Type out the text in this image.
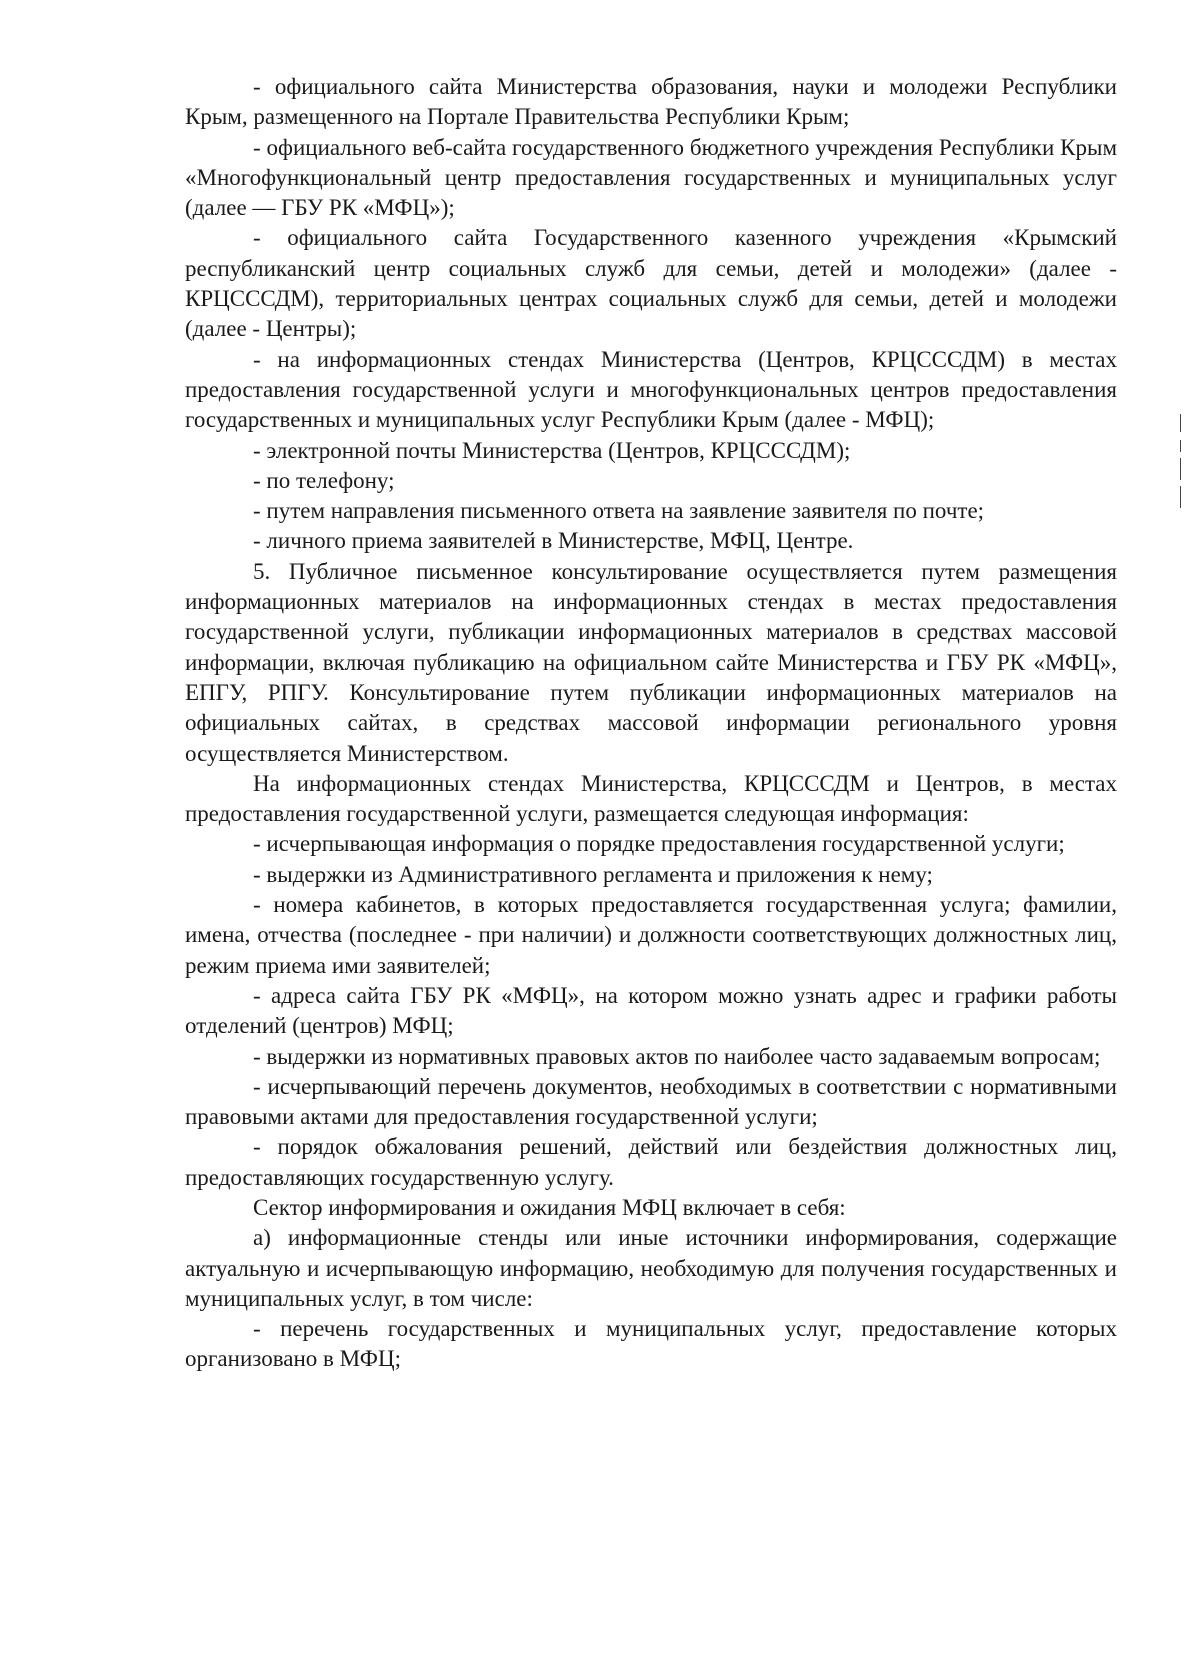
- официального сайта Министерства образования, науки и молодежи Республики Крым, размещенного на Портале Правительства Республики Крым;

- официального веб-сайта государственного бюджетного учреждения Республики Крым «Многофункциональный центр предоставления государственных и муниципальных услуг (далее — ГБУ РК «МФЦ»);

- официального сайта Государственного казенного учреждения «Крымский республиканский центр социальных служб для семьи, детей и молодежи» (далее - КРЦСССДМ), территориальных центрах социальных служб для семьи, детей и молодежи (далее - Центры);

- на информационных стендах Министерства (Центров, КРЦСССДМ) в местах предоставления государственной услуги и многофункциональных центров предоставления государственных и муниципальных услуг Республики Крым (далее - МФЦ);

- электронной почты Министерства (Центров, КРЦСССДМ);

- по телефону;

- путем направления письменного ответа на заявление заявителя по почте;

- личного приема заявителей в Министерстве, МФЦ, Центре.

5. Публичное письменное консультирование осуществляется путем размещения информационных материалов на информационных стендах в местах предоставления государственной услуги, публикации информационных материалов в средствах массовой информации, включая публикацию на официальном сайте Министерства и ГБУ РК «МФЦ», ЕПГУ, РПГУ. Консультирование путем публикации информационных материалов на официальных сайтах, в средствах массовой информации регионального уровня осуществляется Министерством.

На информационных стендах Министерства, КРЦСССДМ и Центров, в местах предоставления государственной услуги, размещается следующая информация:

- исчерпывающая информация о порядке предоставления государственной услуги;

- выдержки из Административного регламента и приложения к нему;

- номера кабинетов, в которых предоставляется государственная услуга; фамилии, имена, отчества (последнее - при наличии) и должности соответствующих должностных лиц, режим приема ими заявителей;

- адреса сайта ГБУ РК «МФЦ», на котором можно узнать адрес и графики работы отделений (центров) МФЦ;

- выдержки из нормативных правовых актов по наиболее часто задаваемым вопросам;

- исчерпывающий перечень документов, необходимых в соответствии с нормативными правовыми актами для предоставления государственной услуги;

- порядок обжалования решений, действий или бездействия должностных лиц, предоставляющих государственную услугу.

Сектор информирования и ожидания МФЦ включает в себя:

а) информационные стенды или иные источники информирования, содержащие актуальную и исчерпывающую информацию, необходимую для получения государственных и муниципальных услуг, в том числе:

- перечень государственных и муниципальных услуг, предоставление которых организовано в МФЦ;
